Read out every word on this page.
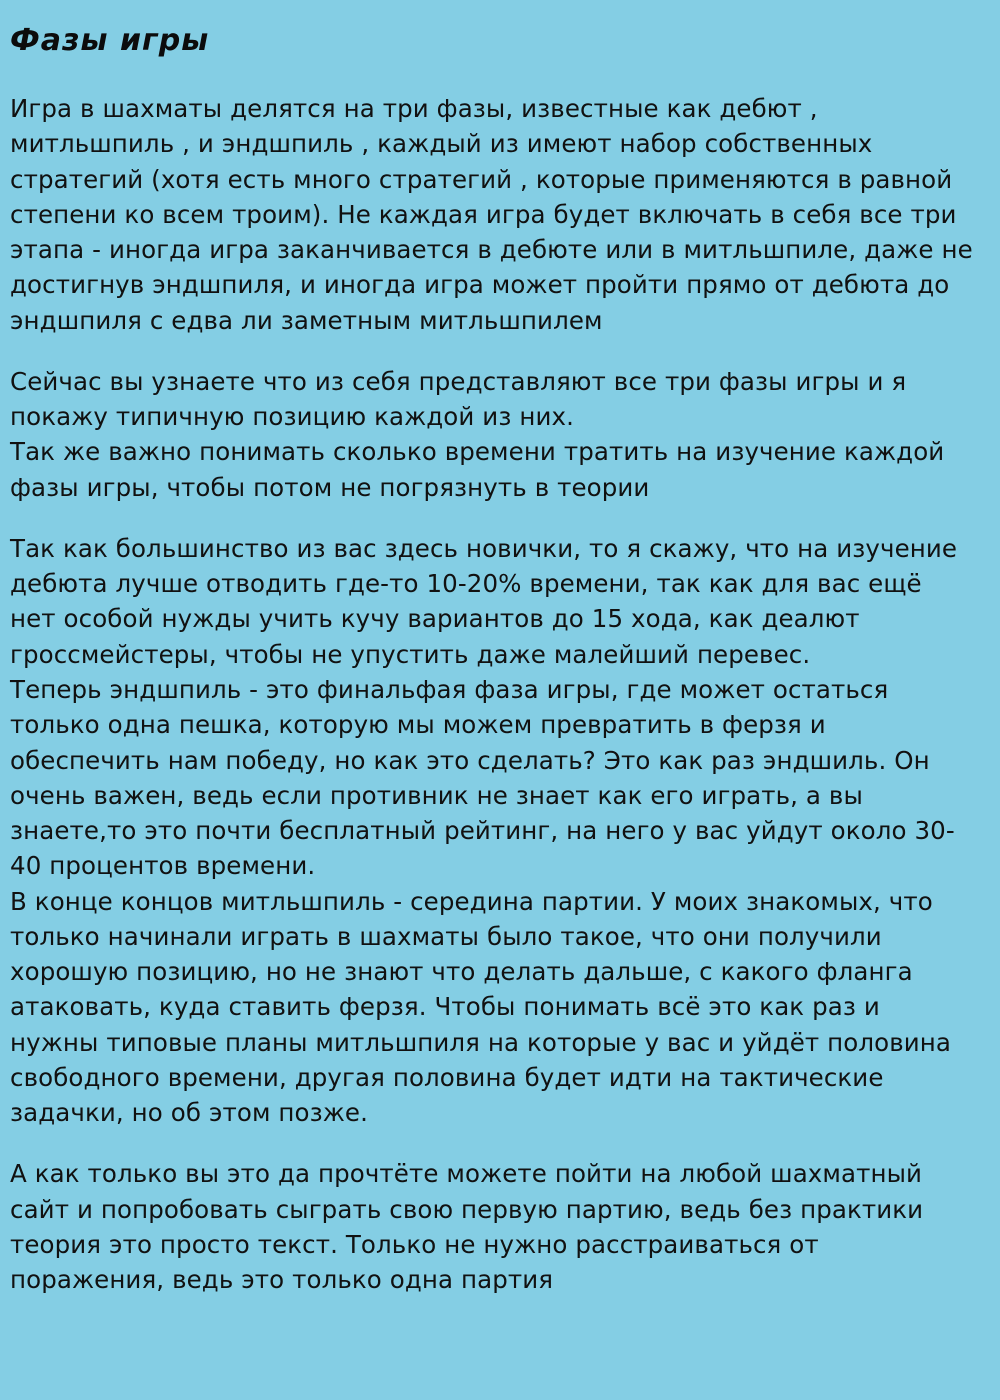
Фазы игры

Игра в шахматы делятся на три фазы, известные как дебют , митльшпиль , и эндшпиль , каждый из имеют набор собственных стратегий (хотя есть много стратегий , которые применяются в равной степени ко всем троим). Не каждая игра будет включать в себя все три этапа - иногда игра заканчивается в дебюте или в митльшпиле, даже не достигнув эндшпиля, и иногда игра может пройти прямо от дебюта до эндшпиля с едва ли заметным митльшпилем

Сейчас вы узнаете что из себя представляют все три фазы игры и я покажу типичную позицию каждой из них.

Так же важно понимать сколько времени тратить на изучение каждой фазы игры, чтобы потом не погрязнуть в теории

Так как большинство из вас здесь новички, то я скажу, что на изучение дебюта лучше отводить где-то 10-20% времени, так как для вас ещё нет особой нужды учить кучу вариантов до 15 хода, как деалют гроссмейстеры, чтобы не упустить даже малейший перевес.

Теперь эндшпиль - это финальфая фаза игры, где может остаться только одна пешка, которую мы можем превратить в ферзя и обеспечить нам победу, но как это сделать? Это как раз эндшиль. Он очень важен, ведь если противник не знает как его играть, а вы знаете,то это почти бесплатный рейтинг, на него у вас уйдут около 30-40 процентов времени.

В конце концов митльшпиль - середина партии. У моих знакомых, что только начинали играть в шахматы было такое, что они получили хорошую позицию, но не знают что делать дальше, с какого фланга атаковать, куда ставить ферзя. Чтобы понимать всё это как раз и нужны типовые планы митльшпиля на которые у вас и уйдёт половина свободного времени, другая половина будет идти на тактические задачки, но об этом позже.

А как только вы это да прочтёте можете пойти на любой шахматный сайт и попробовать сыграть свою первую партию, ведь без практики теория это просто текст. Только не нужно расстраиваться от поражения, ведь это только одна партия
